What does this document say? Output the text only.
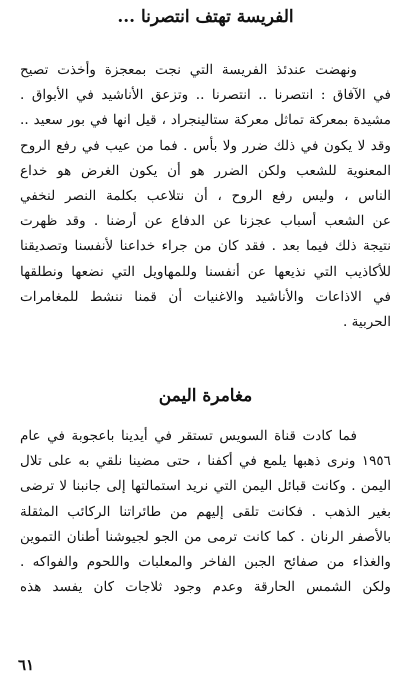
الفريسة تهتف انتصرنا ...
ونهضت عندئذ الفريسة التي نجت بمعجزة وأخذت تصيح
في الآفاق : انتصرنا .. انتصرنا .. وتزعق الأناشيد في الأبواق .
مشيدة بمعركة تماثل معركة ستالينجراد ، قيل انها في بور سعيد ..
وقد لا يكون في ذلك ضرر ولا بأس . فما من عيب في رفع الروح
المعنوية للشعب ولكن الضرر هو أن يكون الغرض هو خداع
الناس ، وليس رفع الروح ، أن نتلاعب بكلمة النصر لنخفي
عن الشعب أسباب عجزنا عن الدفاع عن أرضنا . وقد ظهرت
نتيجة ذلك فيما بعد . فقد كان من جراء خداعنا لأنفسنا وتصديقنا
للأكاذيب التي نذيعها عن أنفسنا وللمهاويل التي نضعها ونطلقها
في الاذاعات والأناشيد والاغنيات أن قمنا ننشط للمغامرات
الحربية .
مغامرة اليمن
فما كادت قناة السويس تستقر في أيدينا باعجوبة في عام
١٩٥٦ ونرى ذهبها يلمع في أكفنا ، حتى مضينا نلقي به على تلال
اليمن . وكانت قبائل اليمن التي نريد استمالتها إلى جانبنا لا ترضى
بغير الذهب . فكانت تلقى إليهم من طائراتنا الركائب المثقلة
بالأصفر الرنان . كما كانت ترمى من الجو لجيوشنا أطنان التموين
والغذاء من صفائح الجبن الفاخر والمعلبات واللحوم والفواكه .
ولكن الشمس الحارقة وعدم وجود ثلاجات كان يفسد هذه
٦١
